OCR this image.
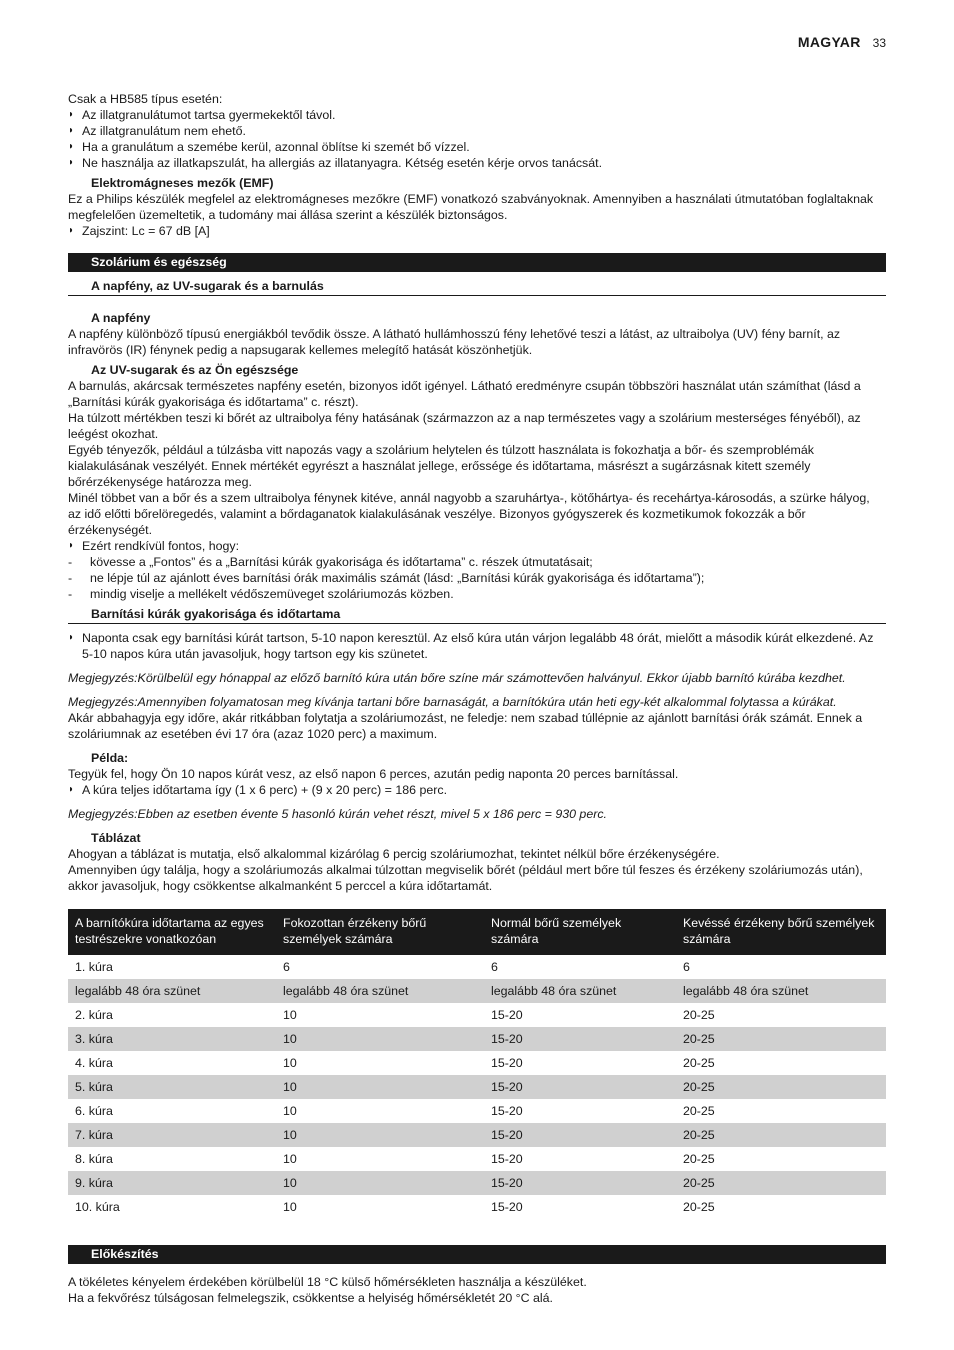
MAGYAR 33

Csak a HB585 típus esetén:

◗ Az illatgranulátumot tartsa gyermekektől távol.

◗ Az illatgranulátum nem ehető.

◗ Ha a granulátum a szemébe kerül, azonnal öblítse ki szemét bő vízzel.

◗ Ne használja az illatkapszulát, ha allergiás az illatanyagra. Kétség esetén kérje orvos tanácsát.

Elektromágneses mezők (EMF)

Ez a Philips készülék megfelel az elektromágneses mezőkre (EMF) vonatkozó szabványoknak. Amennyiben a használati útmutatóban foglaltaknak megfelelően üzemeltetik, a tudomány mai állása szerint a készülék biztonságos.

◗ Zajszint: Lc = 67 dB [A]

Szolárium és egészség

A napfény, az UV-sugarak és a barnulás

A napfény

A napfény különböző típusú energiákból tevődik össze. A látható hullámhosszú fény lehetővé teszi a látást, az ultraibolya (UV) fény barnít, az infravörös (IR) fénynek pedig a napsugarak kellemes melegítő hatását köszönhetjük.

Az UV-sugarak és az Ön egészsége

A barnulás, akárcsak természetes napfény esetén, bizonyos időt igényel. Látható eredményre csupán többszöri használat után számíthat (lásd a „Barnítási kúrák gyakorisága és időtartama” c. részt).

Ha túlzott mértékben teszi ki bőrét az ultraibolya fény hatásának (származzon az a nap természetes vagy a szolárium mesterséges fényéből), az leégést okozhat.

Egyéb tényezők, például a túlzásba vitt napozás vagy a szolárium helytelen és túlzott használata is fokozhatja a bőr- és szemproblémák kialakulásának veszélyét. Ennek mértékét egyrészt a használat jellege, erőssége és időtartama, másrészt a sugárzásnak kitett személy bőrérzékenysége határozza meg.

Minél többet van a bőr és a szem ultraibolya fénynek kitéve, annál nagyobb a szaruhártya-, kötőhártya- és recehártya-károsodás, a szürke hályog, az idő előtti bőrelöregedés, valamint a bőrdaganatok kialakulásának veszélye. Bizonyos gyógyszerek és kozmetikumok fokozzák a bőr érzékenységét.

◗ Ezért rendkívül fontos, hogy:

- kövesse a „Fontos” és a „Barnítási kúrák gyakorisága és időtartama” c. részek útmutatásait;

- ne lépje túl az ajánlott éves barnítási órák maximális számát (lásd: „Barnítási kúrák gyakorisága és időtartama”);

- mindig viselje a mellékelt védőszemüveget szoláriumozás közben.

Barnítási kúrák gyakorisága és időtartama

◗ Naponta csak egy barnítási kúrát tartson, 5-10 napon keresztül. Az első kúra után várjon legalább 48 órát, mielőtt a második kúrát elkezdené. Az 5-10 napos kúra után javasoljuk, hogy tartson egy kis szünetet.

Megjegyzés:Körülbelül egy hónappal az előző barnító kúra után bőre színe már számottevően halványul. Ekkor újabb barnító kúrába kezdhet.

Megjegyzés:Amennyiben folyamatosan meg kívánja tartani bőre barnaságát, a barnítókúra után heti egy-két alkalommal folytassa a kúrákat.

Akár abbahagyja egy időre, akár ritkábban folytatja a szoláriumozást, ne feledje: nem szabad túllépnie az ajánlott barnítási órák számát. Ennek a szoláriumnak az esetében évi 17 óra (azaz 1020 perc) a maximum.

Példa:

Tegyük fel, hogy Ön 10 napos kúrát vesz, az első napon 6 perces, azután pedig naponta 20 perces barnítással.

◗ A kúra teljes időtartama így (1 x 6 perc) + (9 x 20 perc) = 186 perc.

Megjegyzés:Ebben az esetben évente 5 hasonló kúrán vehet részt, mivel 5 x 186 perc = 930 perc.

Táblázat

Ahogyan a táblázat is mutatja, első alkalommal kizárólag 6 percig szoláriumozhat, tekintet nélkül bőre érzékenységére.

Amennyiben úgy találja, hogy a szoláriumozás alkalmai túlzottan megviselik bőrét (például mert bőre túl feszes és érzékeny szoláriumozás után), akkor javasoljuk, hogy csökkentse alkalmanként 5 perccel a kúra időtartamát.

A barnítókúra időtartama az egyes testrészekre vonatkozóan	Fokozottan érzékeny bőrű személyek számára	Normál bőrű személyek számára	Kevéssé érzékeny bőrű személyek számára
1. kúra	6	6	6
legalább 48 óra szünet	legalább 48 óra szünet	legalább 48 óra szünet	legalább 48 óra szünet
2. kúra	10	15-20	20-25
3. kúra	10	15-20	20-25
4. kúra	10	15-20	20-25
5. kúra	10	15-20	20-25
6. kúra	10	15-20	20-25
7. kúra	10	15-20	20-25
8. kúra	10	15-20	20-25
9. kúra	10	15-20	20-25
10. kúra	10	15-20	20-25
Előkészítés

A tökéletes kényelem érdekében körülbelül 18 °C külső hőmérsékleten használja a készüléket.

Ha a fekvőrész túlságosan felmelegszik, csökkentse a helyiség hőmérsékletét 20 °C alá.
